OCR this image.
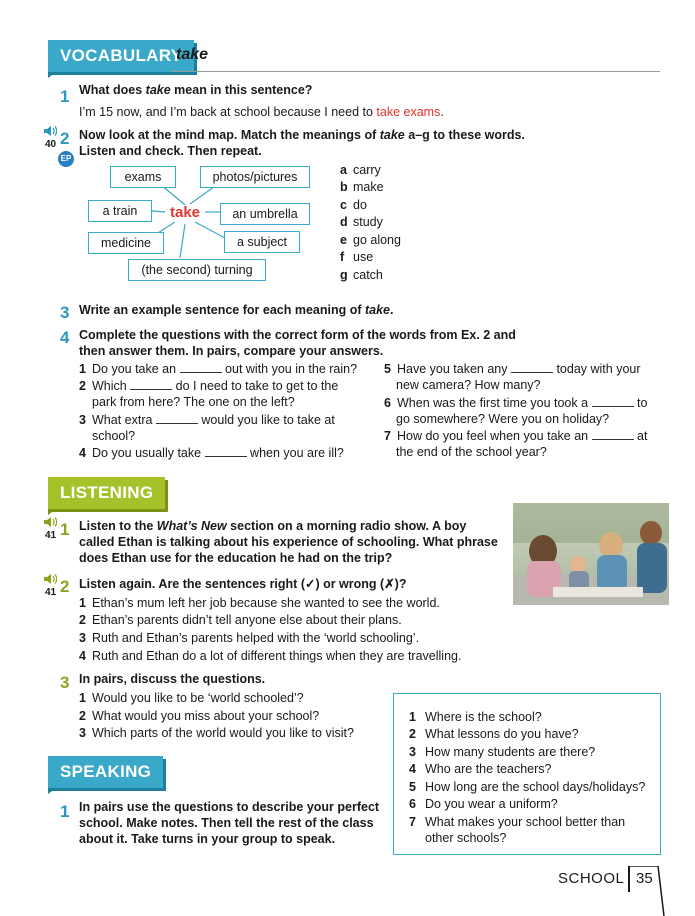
VOCABULARY
take
1 What does take mean in this sentence?
I’m 15 now, and I’m back at school because I need to take exams.
40
EP
2 Now look at the mind map. Match the meanings of take a–g to these words.
Listen and check. Then repeat.
exams	photos/pictures
a train	take	an umbrella
medicine	a subject
(the second) turning
a carry
b make
c do
d study
e go along
f use
g catch
3 Write an example sentence for each meaning of take.
4 Complete the questions with the correct form of the words from Ex. 2 and
then answer them. In pairs, compare your answers.
1 Do you take an	out with you in the rain?
2 Which	do I need to take to get to the
park from here? The one on the left?
3 What extra	would you like to take at
school?
4 Do you usually take	when you are ill?
5 Have you taken any	today with your
new camera? How many?
6 When was the first time you took a	to
go somewhere? Were you on holiday?
7 How do you feel when you take an	at
the end of the school year?
LISTENING
41 1 Listen to the What’s New section on a morning radio show. A boy
called Ethan is talking about his experience of schooling. What phrase
does Ethan use for the education he had on the trip?
41 2 Listen again. Are the sentences right (✓) or wrong (✗)?
1 Ethan’s mum left her job because she wanted to see the world.
2 Ethan’s parents didn’t tell anyone else about their plans.
3 Ruth and Ethan’s parents helped with the ‘world schooling’.
4 Ruth and Ethan do a lot of different things when they are travelling.
3 In pairs, discuss the questions.
1 Would you like to be ‘world schooled’?
2 What would you miss about your school?
3 Which parts of the world would you like to visit?
SPEAKING
1 In pairs use the questions to describe your perfect
school. Make notes. Then tell the rest of the class
about it. Take turns in your group to speak.
1 Where is the school?
2 What lessons do you have?
3 How many students are there?
4 Who are the teachers?
5 How long are the school days/holidays?
6 Do you wear a uniform?
7 What makes your school better than
other schools?
SCHOOL 35
